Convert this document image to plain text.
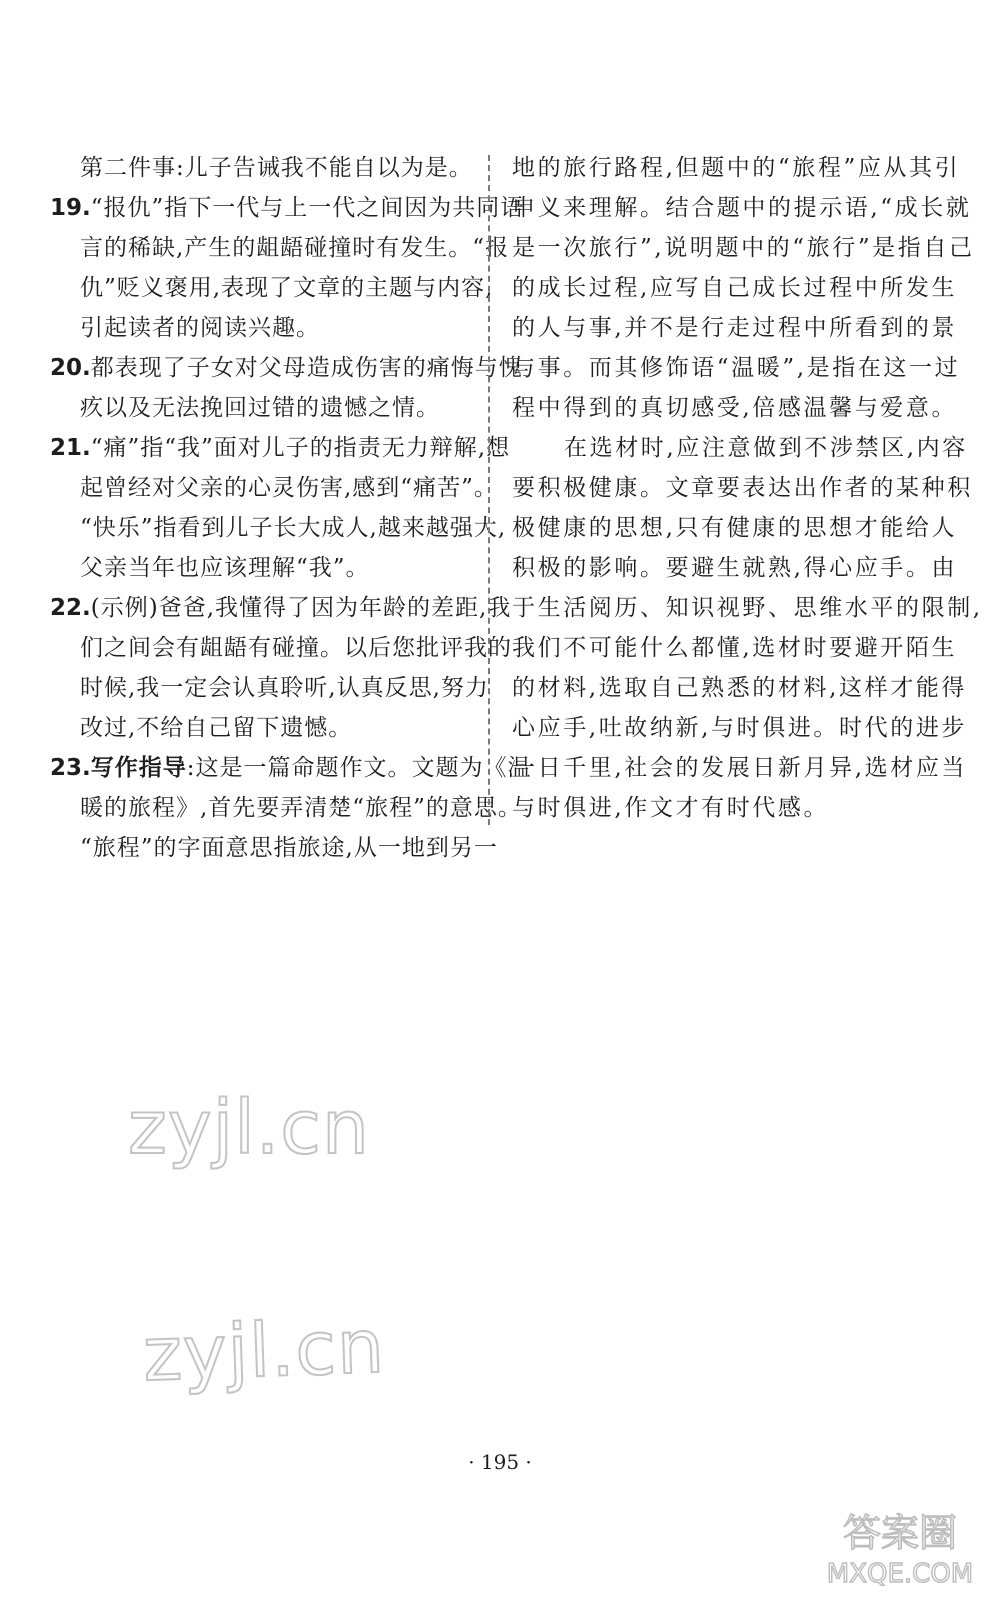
第二件事:儿子告诫我不能自以为是。
19.“报仇”指下一代与上一代之间因为共同语
言的稀缺,产生的龃龉碰撞时有发生。“报
仇”贬义褒用,表现了文章的主题与内容,
引起读者的阅读兴趣。
20.都表现了子女对父母造成伤害的痛悔与愧
疚以及无法挽回过错的遗憾之情。
21.“痛”指“我”面对儿子的指责无力辩解,想
起曾经对父亲的心灵伤害,感到“痛苦”。
“快乐”指看到儿子长大成人,越来越强大,
父亲当年也应该理解“我”。
22.(示例)爸爸,我懂得了因为年龄的差距,我
们之间会有龃龉有碰撞。以后您批评我的
时候,我一定会认真聆听,认真反思,努力
改过,不给自己留下遗憾。
23.写作指导:这是一篇命题作文。文题为《温
暖的旅程》,首先要弄清楚“旅程”的意思。
“旅程”的字面意思指旅途,从一地到另一
地的旅行路程,但题中的“旅程”应从其引
申义来理解。结合题中的提示语,“成长就
是一次旅行”,说明题中的“旅行”是指自己
的成长过程,应写自己成长过程中所发生
的人与事,并不是行走过程中所看到的景
与事。而其修饰语“温暖”,是指在这一过
程中得到的真切感受,倍感温馨与爱意。
在选材时,应注意做到不涉禁区,内容
要积极健康。文章要表达出作者的某种积
极健康的思想,只有健康的思想才能给人
积极的影响。要避生就熟,得心应手。由
于生活阅历、知识视野、思维水平的限制,
我们不可能什么都懂,选材时要避开陌生
的材料,选取自己熟悉的材料,这样才能得
心应手,吐故纳新,与时俱进。时代的进步
一日千里,社会的发展日新月异,选材应当
与时俱进,作文才有时代感。
zyjl.cn
zyjl.cn
· 195 ·
答案圈
MXQE.COM
